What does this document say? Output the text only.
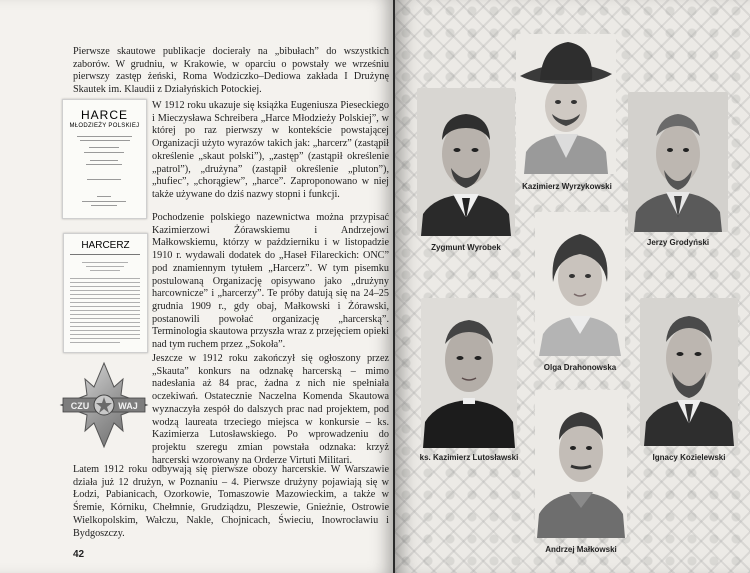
Pierwsze skautowe publikacje docierały na „bibułach” do wszystkich zaborów. W grudniu, w Krakowie, w oparciu o powstały we wrześniu pierwszy zastęp żeński, Roma Wodziczko–Dediowa zakłada I Drużynę Skautek im. Klaudii z Działyńskich Potockiej.
HARCE
MŁODZIEŻY POLSKIEJ
W 1912 roku ukazuje się książka Eugeniusza Pieseckiego i Mieczysława Schreibera „Harce Młodzieży Polskiej”, w której po raz pierwszy w kontekście powstającej Organizacji użyto wyrazów takich jak: „harcerz” (zastąpił określenie „skaut polski”), „zastęp” (zastąpił określenie „patrol”), „drużyna” (zastąpił określenie „pluton”), „hufiec”, „chorągiew”, „harce”. Zaproponowano w niej także używane do dziś nazwy stopni i funkcji.
HARCERZ
Pochodzenie polskiego nazewnictwa można przypisać Kazimierzowi Żórawskiemu i Andrzejowi Małkowskiemu, którzy w październiku i w listopadzie 1910 r. wydawali dodatek do „Haseł Filareckich: ONC” pod znamiennym tytułem „Harcerz”. W tym pisemku postulowaną Organizację opisywano jako „drużyny harcownicze” i „harcerzy”. Te próby datują się na 24–25 grudnia 1909 r., gdy obaj, Małkowski i Żórawski, postanowili powołać organizację „harcerską”. Terminologia skautowa przyszła wraz z przejęciem opieki nad tym ruchem przez „Sokoła”.
CZU	WAJ
Jeszcze w 1912 roku zakończył się ogłoszony przez „Skauta” konkurs na odznakę harcerską – mimo nadesłania aż 84 prac, żadna z nich nie spełniała oczekiwań. Ostatecznie Naczelna Komenda Skautowa wyznaczyła zespół do dalszych prac nad projektem, pod wodzą laureata trzeciego miejsca w konkursie – ks. Kazimierza Lutosławskiego. Po wprowadzeniu do projektu szeregu zmian powstała odznaka: krzyż harcerski wzorowany na Orderze Virtuti Militari.
Latem 1912 roku odbywają się pierwsze obozy harcerskie. W Warszawie działa już 12 drużyn, w Poznaniu – 4. Pierwsze drużyny pojawiają się w Łodzi, Pabianicach, Ozorkowie, Tomaszowie Mazowieckim, a także w Śremie, Kórniku, Chełmnie, Grudziądzu, Pleszewie, Gnieźnie, Ostrowie Wielkopolskim, Wałczu, Nakle, Chojnicach, Świeciu, Inowrocławiu i Bydgoszczy.
42
Kazimierz Wyrzykowski
Zygmunt Wyrobek
Jerzy Grodyński
Olga Drahonowska
ks. Kazimierz Lutosławski	Ignacy Kozielewski
Andrzej Małkowski
